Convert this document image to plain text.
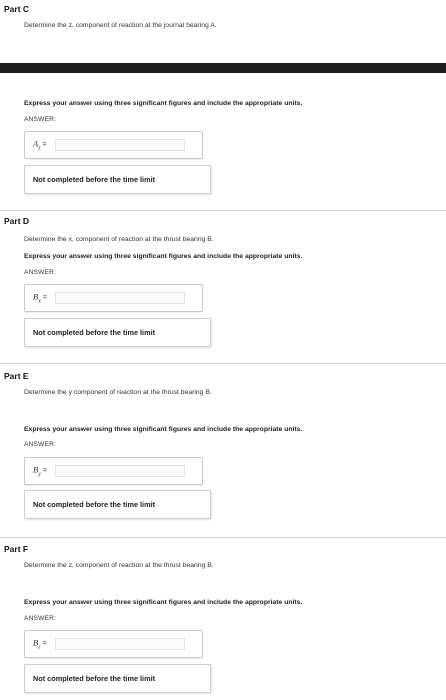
Part C
Determine the z, component of reaction at the journal bearing A.
Express your answer using three significant figures and include the appropriate units.
ANSWER:
$A_z$ =
Not completed before the time limit
Part D
Determine the x, component of reaction at the thrust bearing B.
Express your answer using three significant figures and include the appropriate units.
ANSWER:
$B_x$ =
Not completed before the time limit
Part E
Determine the y component of reaction at the thrust bearing B.
Express your answer using three significant figures and include the appropriate units.
ANSWER:
$B_y$ =
Not completed before the time limit
Part F
Determine the z, component of reaction at the thrust bearing B.
Express your answer using three significant figures and include the appropriate units.
ANSWER:
$B_z$ =
Not completed before the time limit
